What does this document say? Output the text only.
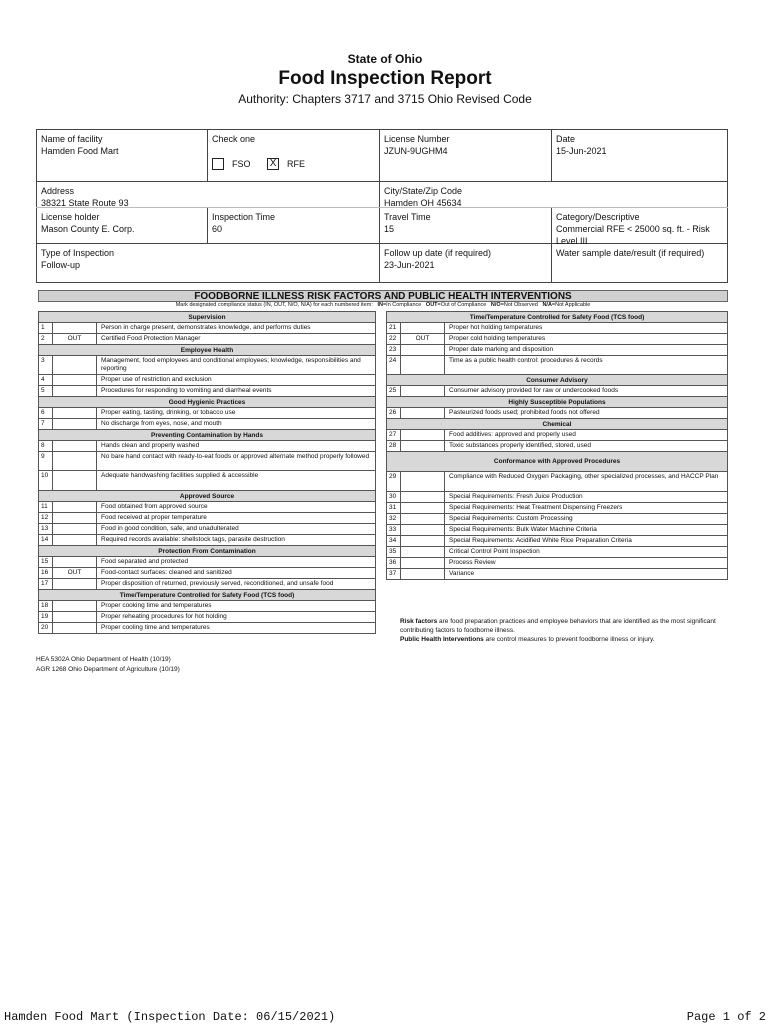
State of Ohio
Food Inspection Report
Authority: Chapters 3717 and 3715 Ohio Revised Code
Name of facility
Hamden Food Mart
Check one
FSO X RFE
License Number
JZUN-9UGHM4
Date
15-Jun-2021
Address
38321 State Route 93
City/State/Zip Code
Hamden OH 45634
License holder
Mason County E. Corp.
Inspection Time
60
Travel Time
15
Category/Descriptive
Commercial RFE < 25000 sq. ft. - Risk Level III
Type of Inspection
Follow-up
Follow up date (if required)
23-Jun-2021
Water sample date/result (if required)
FOODBORNE ILLNESS RISK FACTORS AND PUBLIC HEALTH INTERVENTIONS
Mark designated compliance status (IN, OUT, N/O, N/A) for each numbered item: IN=In Compliance OUT=Out of Compliance N/O=Not Observed N/A=Not Applicable
Supervision
1	Person in charge present, demonstrates knowledge, and performs duties
2	OUT	Certified Food Protection Manager
Employee Health
3	Management, food employees and conditional employees; knowledge, responsibilities and reporting
4	Proper use of restriction and exclusion
5	Procedures for responding to vomiting and diarrheal events
Good Hygienic Practices
6	Proper eating, tasting, drinking, or tobacco use
7	No discharge from eyes, nose, and mouth
Preventing Contamination by Hands
8	Hands clean and properly washed
9	No bare hand contact with ready-to-eat foods or approved alternate method properly followed
10	Adequate handwashing facilities supplied & accessible
Approved Source
11	Food obtained from approved source
12	Food received at proper temperature
13	Food in good condition, safe, and unadulterated
14	Required records available: shellstock tags, parasite destruction
Protection From Contamination
15	Food separated and protected
16	OUT	Food-contact surfaces: cleaned and sanitized
17	Proper disposition of returned, previously served, reconditioned, and unsafe food
Time/Temperature Controlled for Safety Food (TCS food)
18	Proper cooking time and temperatures
19	Proper reheating procedures for hot holding
20	Proper cooling time and temperatures
Time/Temperature Controlled for Safety Food (TCS food)
21	Proper hot holding temperatures
22	OUT	Proper cold holding temperatures
23	Proper date marking and disposition
24	Time as a public health control: procedures & records
Consumer Advisory
25	Consumer advisory provided for raw or undercooked foods
Highly Susceptible Populations
26	Pasteurized foods used; prohibited foods not offered
Chemical
27	Food additives: approved and properly used
28	Toxic substances properly identified, stored, used
Conformance with Approved Procedures
29	Compliance with Reduced Oxygen Packaging, other specialized processes, and HACCP Plan
30	Special Requirements: Fresh Juice Production
31	Special Requirements: Heat Treatment Dispensing Freezers
32	Special Requirements: Custom Processing
33	Special Requirements: Bulk Water Machine Criteria
34	Special Requirements: Acidified White Rice Preparation Criteria
35	Critical Control Point Inspection
36	Process Review
37	Variance
Risk factors are food preparation practices and employee behaviors that are identified as the most significant contributing factors to foodborne illness.
Public Health Interventions are control measures to prevent foodborne illness or injury.
HEA 5302A Ohio Department of Health (10/19)
AGR 1268 Ohio Department of Agriculture (10/19)
Hamden Food Mart (Inspection Date: 06/15/2021)	Page 1 of 2
